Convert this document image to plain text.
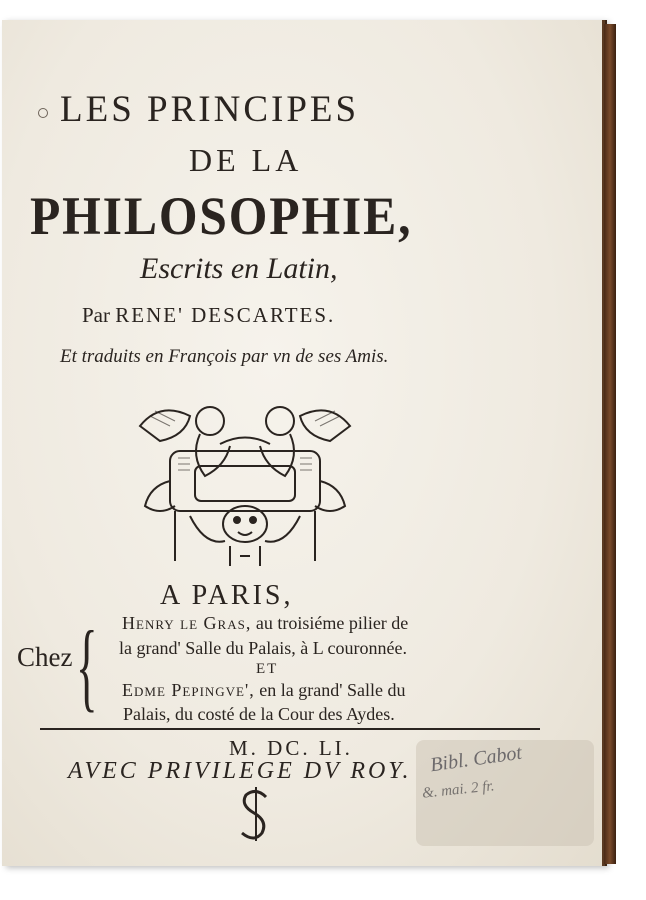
LES PRINCIPES
DE LA
PHILOSOPHIE,
Escrits en Latin,
Par RENE' DESCARTES.
Et traduits en François par vn de ses Amis.
A PARIS,
Chez { Henry le Gras, au troisiéme pilier de
la grand' Salle du Palais, à L couronnée.
ET
Edme Pepingve', en la grand' Salle du
Palais, du costé de la Cour des Aydes.
M. DC. LI.
AVEC PRIVILEGE DV ROY. Bibl. Cabot
&. mai. 2 fr.
